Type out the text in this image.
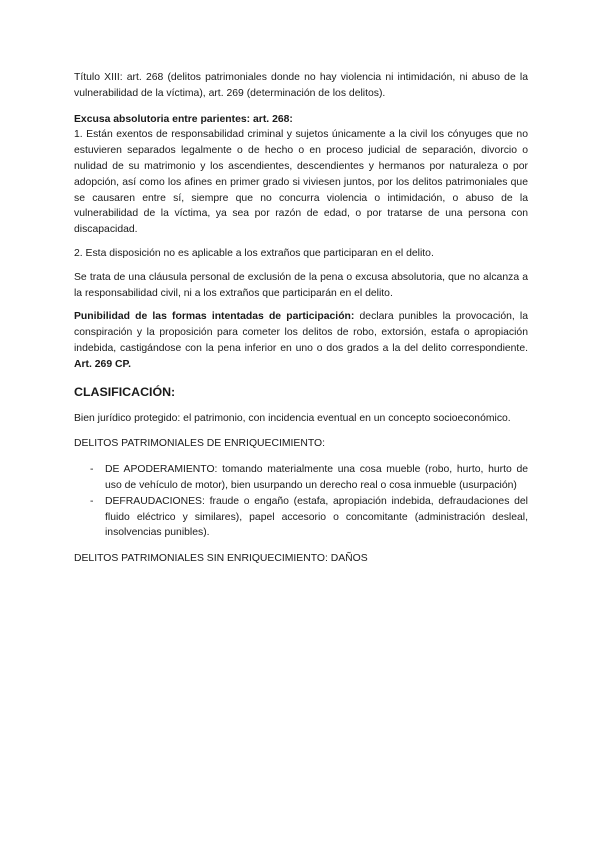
Título XIII: art. 268 (delitos patrimoniales donde no hay violencia ni intimidación, ni abuso de la vulnerabilidad de la víctima), art. 269 (determinación de los delitos).

Excusa absolutoria entre parientes: art. 268:

1. Están exentos de responsabilidad criminal y sujetos únicamente a la civil los cónyuges que no estuvieren separados legalmente o de hecho o en proceso judicial de separación, divorcio o nulidad de su matrimonio y los ascendientes, descendientes y hermanos por naturaleza o por adopción, así como los afines en primer grado si viviesen juntos, por los delitos patrimoniales que se causaren entre sí, siempre que no concurra violencia o intimidación, o abuso de la vulnerabilidad de la víctima, ya sea por razón de edad, o por tratarse de una persona con discapacidad.

2. Esta disposición no es aplicable a los extraños que participaran en el delito.

Se trata de una cláusula personal de exclusión de la pena o excusa absolutoria, que no alcanza a la responsabilidad civil, ni a los extraños que participarán en el delito.

Punibilidad de las formas intentadas de participación: declara punibles la provocación, la conspiración y la proposición para cometer los delitos de robo, extorsión, estafa o apropiación indebida, castigándose con la pena inferior en uno o dos grados a la del delito correspondiente. Art. 269 CP.

CLASIFICACIÓN:

Bien jurídico protegido: el patrimonio, con incidencia eventual en un concepto socioeconómico.

DELITOS PATRIMONIALES DE ENRIQUECIMIENTO:

- DE APODERAMIENTO: tomando materialmente una cosa mueble (robo, hurto, hurto de uso de vehículo de motor), bien usurpando un derecho real o cosa inmueble (usurpación)
- DEFRAUDACIONES: fraude o engaño (estafa, apropiación indebida, defraudaciones del fluido eléctrico y similares), papel accesorio o concomitante (administración desleal, insolvencias punibles).

DELITOS PATRIMONIALES SIN ENRIQUECIMIENTO: DAÑOS
